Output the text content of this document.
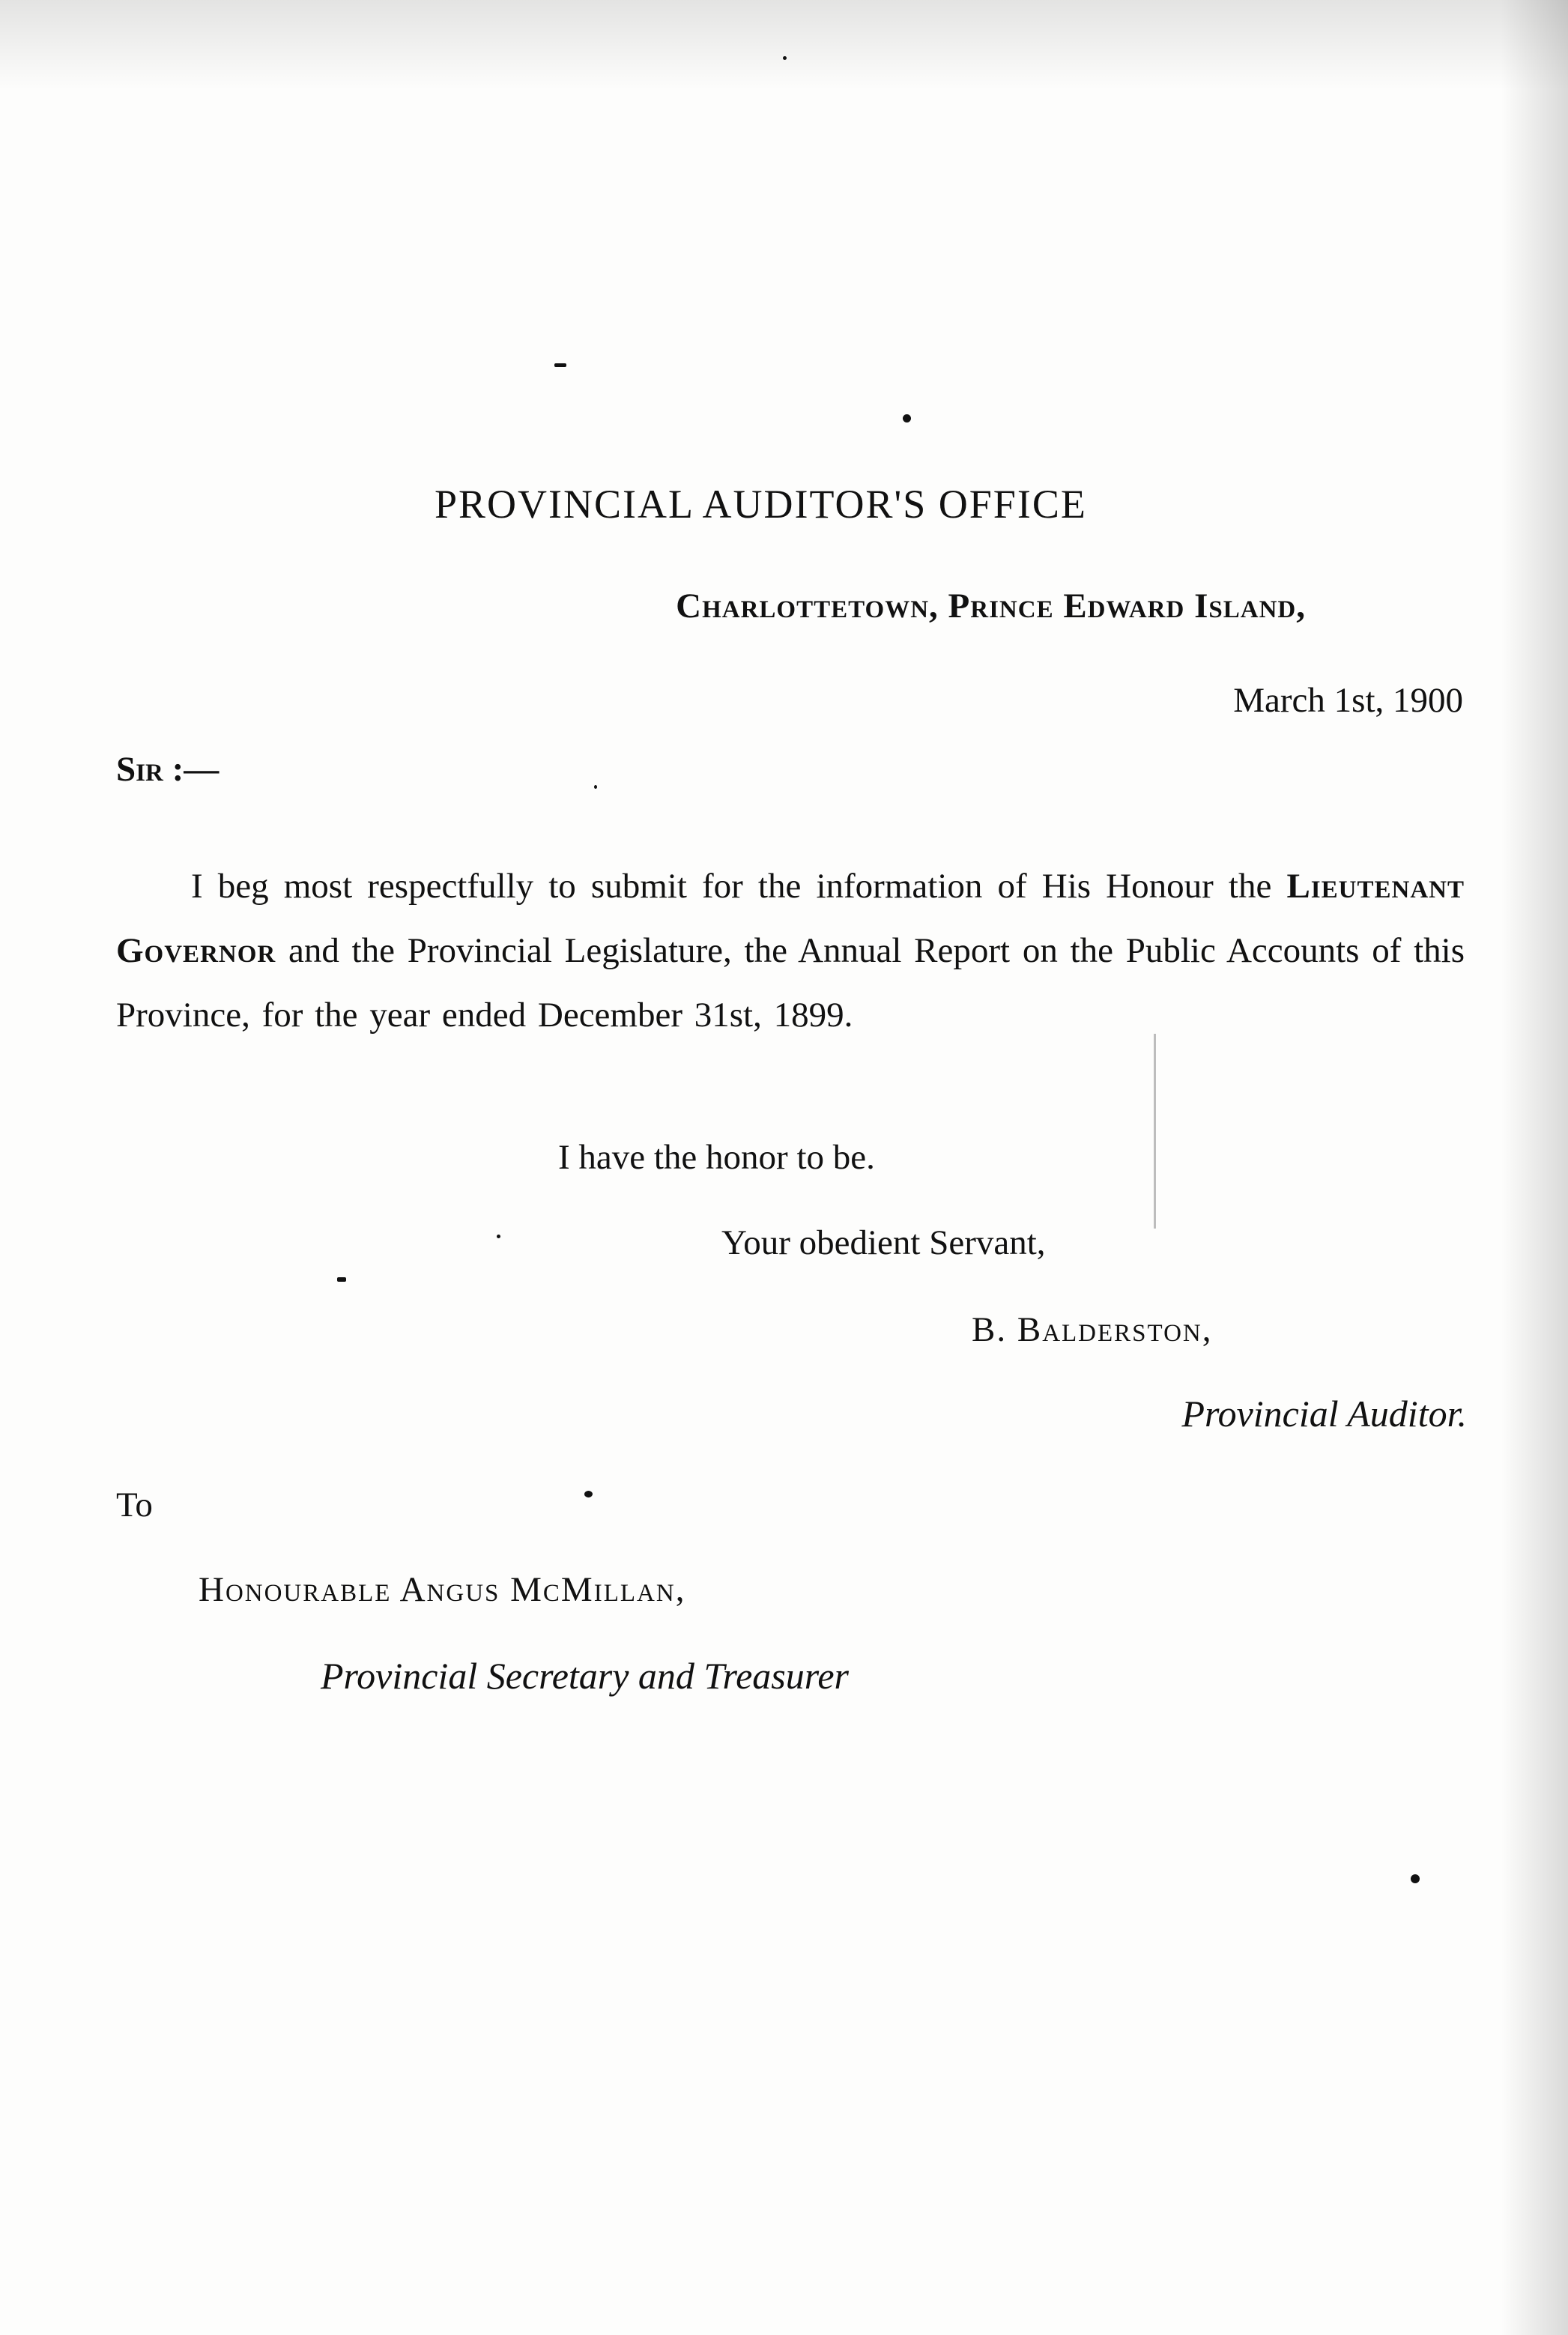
PROVINCIAL AUDITOR'S OFFICE
Charlottetown, Prince Edward Island,
March 1st, 1900
Sir :—

I beg most respectfully to submit for the information of His Honour the Lieutenant Governor and the Provincial Legislature, the Annual Report on the Public Accounts of this Province, for the year ended December 31st, 1899.

I have the honor to be.
Your obedient Servant,
B. Balderston,
Provincial Auditor.
To
Honourable Angus McMillan,
Provincial Secretary and Treasurer
